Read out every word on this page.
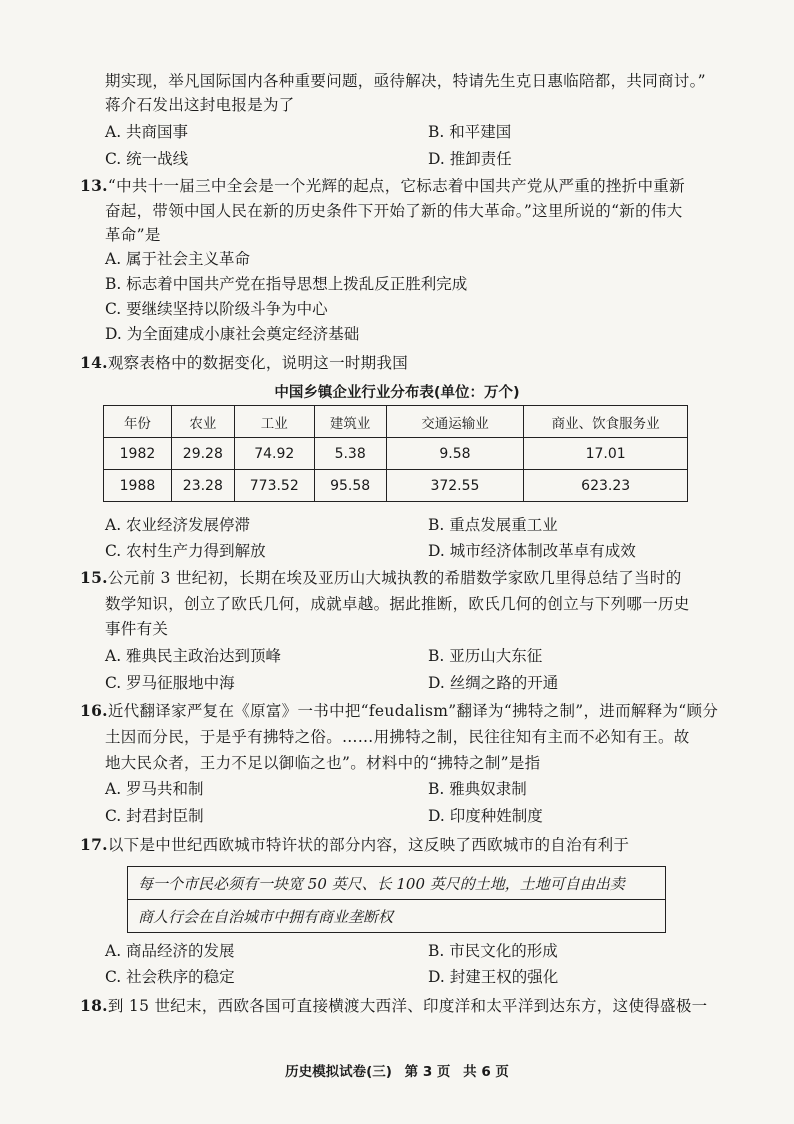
期实现，举凡国际国内各种重要问题，亟待解决，特请先生克日惠临陪都，共同商讨。”
蒋介石发出这封电报是为了
A. 共商国事	B. 和平建国
C. 统一战线	D. 推卸责任
13.“中共十一届三中全会是一个光辉的起点，它标志着中国共产党从严重的挫折中重新
奋起，带领中国人民在新的历史条件下开始了新的伟大革命。”这里所说的“新的伟大
革命”是
A. 属于社会主义革命
B. 标志着中国共产党在指导思想上拨乱反正胜利完成
C. 要继续坚持以阶级斗争为中心
D. 为全面建成小康社会奠定经济基础
14.观察表格中的数据变化，说明这一时期我国
中国乡镇企业行业分布表(单位：万个)
年份	农业	工业	建筑业	交通运输业	商业、饮食服务业
1982	29.28	74.92	5.38	9.58	17.01
1988	23.28	773.52	95.58	372.55	623.23
A. 农业经济发展停滞	B. 重点发展重工业
C. 农村生产力得到解放	D. 城市经济体制改革卓有成效
15.公元前 3 世纪初，长期在埃及亚历山大城执教的希腊数学家欧几里得总结了当时的
数学知识，创立了欧氏几何，成就卓越。据此推断，欧氏几何的创立与下列哪一历史
事件有关
A. 雅典民主政治达到顶峰	B. 亚历山大东征
C. 罗马征服地中海	D. 丝绸之路的开通
16.近代翻译家严复在《原富》一书中把“feudalism”翻译为“拂特之制”，进而解释为“顾分
土因而分民，于是乎有拂特之俗。……用拂特之制，民往往知有主而不必知有王。故
地大民众者，王力不足以御临之也”。材料中的“拂特之制”是指
A. 罗马共和制	B. 雅典奴隶制
C. 封君封臣制	D. 印度种姓制度
17.以下是中世纪西欧城市特许状的部分内容，这反映了西欧城市的自治有利于
每一个市民必须有一块宽 50 英尺、长 100 英尺的土地，土地可自由出卖
商人行会在自治城市中拥有商业垄断权
A. 商品经济的发展	B. 市民文化的形成
C. 社会秩序的稳定	D. 封建王权的强化
18.到 15 世纪末，西欧各国可直接横渡大西洋、印度洋和太平洋到达东方，这使得盛极一
历史模拟试卷(三) 第 3 页 共 6 页
